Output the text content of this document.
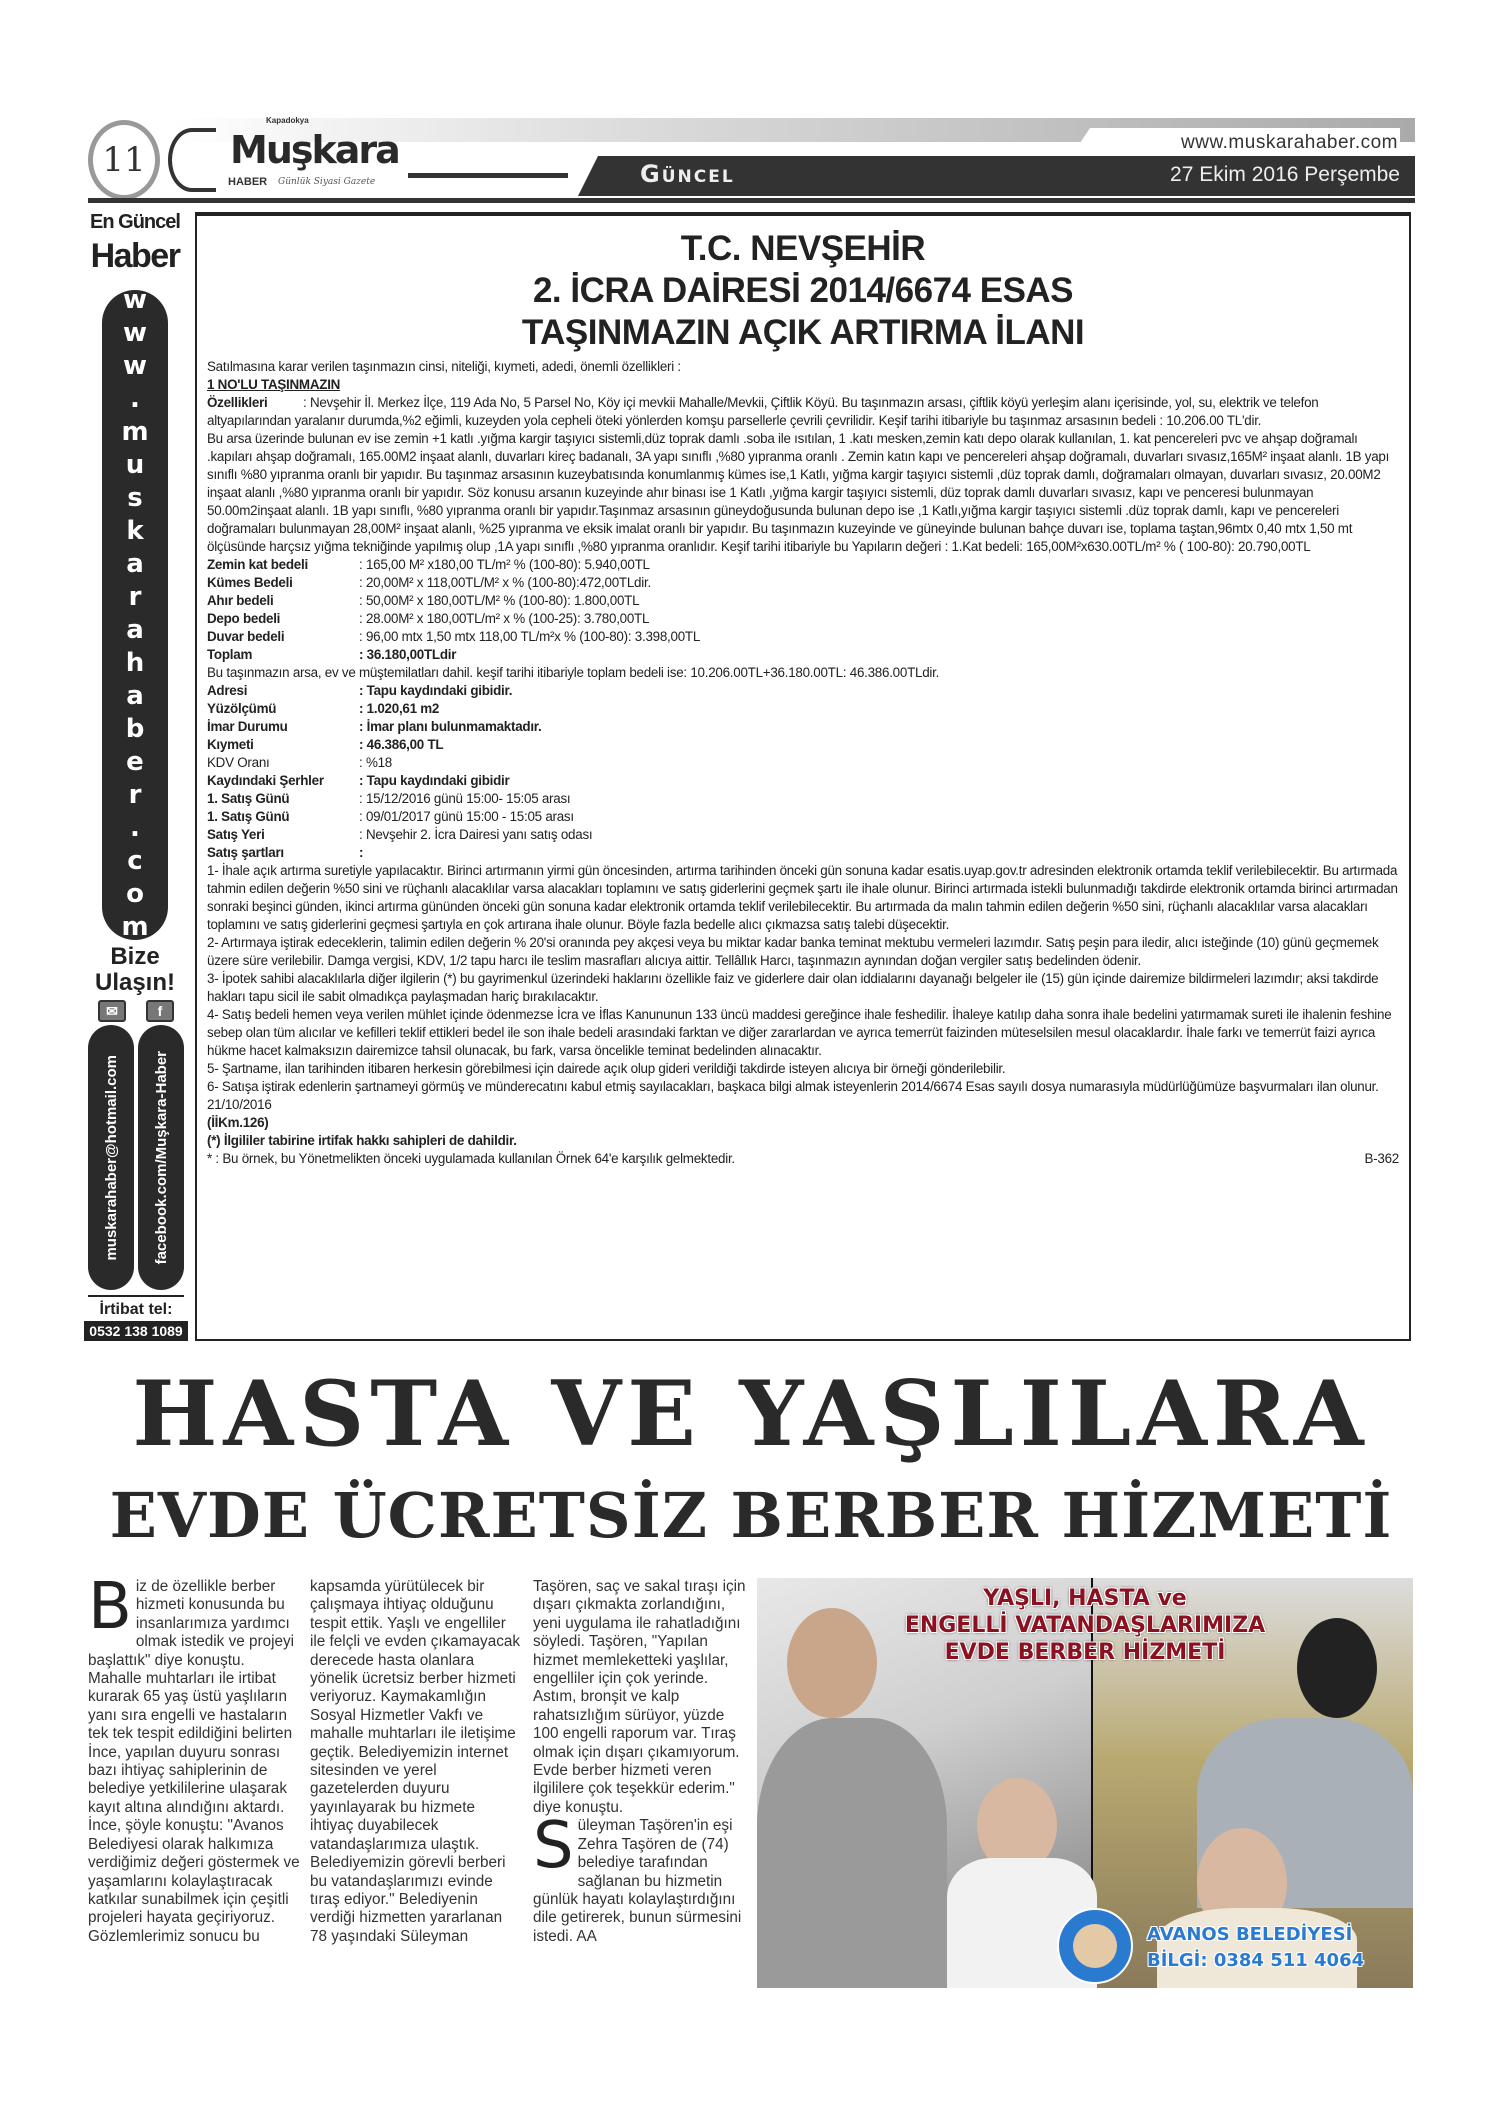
11
Kapadokya
Muşkara
HABER Günlük Siyasi Gazete
www.muskarahaber.com
Güncel	27 Ekim 2016 Perşembe
En Güncel
Haber
www.muskarahaber.com
Bize Ulaşın!
✉	f
muskarahaber@hotmail.com facebook.com/Muşkara-Haber
İrtibat tel:
0532 138 1089
T.C. NEVŞEHİR
2. İCRA DAİRESİ 2014/6674 ESAS
TAŞINMAZIN AÇIK ARTIRMA İLANI

Satılmasına karar verilen taşınmazın cinsi, niteliği, kıymeti, adedi, önemli özellikleri :

1 NO'LU TAŞINMAZIN

Özellikleri	: Nevşehir İl. Merkez İlçe, 119 Ada No, 5 Parsel No, Köy içi mevkii Mahalle/Mevkii, Çiftlik Köyü. Bu taşınmazın arsası, çiftlik köyü yerleşim alanı içerisinde, yol, su, elektrik ve telefon altyapılarından yaralanır durumda,%2 eğimli, kuzeyden yola cepheli öteki yönlerden komşu parsellerle çevrili çevrilidir. Keşif tarihi itibariyle bu taşınmaz arsasının bedeli : 10.206.00 TL'dir.

Bu arsa üzerinde bulunan ev ise zemin +1 katlı .yığma kargir taşıyıcı sistemli,düz toprak damlı .soba ile ısıtılan, 1 .katı mesken,zemin katı depo olarak kullanılan, 1. kat pencereleri pvc ve ahşap doğramalı .kapıları ahşap doğramalı, 165.00M2 inşaat alanlı, duvarları kireç badanalı, 3A yapı sınıflı ,%80 yıpranma oranlı . Zemin katın kapı ve pencereleri ahşap doğramalı, duvarları sıvasız,165M² inşaat alanlı. 1B yapı sınıflı %80 yıpranma oranlı bir yapıdır. Bu taşınmaz arsasının kuzeybatısında konumlanmış kümes ise,1 Katlı, yığma kargir taşıyıcı sistemli ,düz toprak damlı, doğramaları olmayan, duvarları sıvasız, 20.00M2 inşaat alanlı ,%80 yıpranma oranlı bir yapıdır. Söz konusu arsanın kuzeyinde ahır binası ise 1 Katlı ,yığma kargir taşıyıcı sistemli, düz toprak damlı duvarları sıvasız, kapı ve penceresi bulunmayan 50.00m2inşaat alanlı. 1B yapı sınıflı, %80 yıpranma oranlı bir yapıdır.Taşınmaz arsasının güneydoğusunda bulunan depo ise ,1 Katlı,yığma kargir taşıyıcı sistemli .düz toprak damlı, kapı ve pencereleri doğramaları bulunmayan 28,00M² inşaat alanlı, %25 yıpranma ve eksik imalat oranlı bir yapıdır. Bu taşınmazın kuzeyinde ve güneyinde bulunan bahçe duvarı ise, toplama taştan,96mtx 0,40 mtx 1,50 mt ölçüsünde harçsız yığma tekniğinde yapılmış olup ,1A yapı sınıflı ,%80 yıpranma oranlıdır. Keşif tarihi itibariyle bu Yapıların değeri : 1.Kat bedeli: 165,00M²x630.00TL/m² % ( 100-80): 20.790,00TL

Zemin kat bedeli	: 165,00 M² x180,00 TL/m² % (100-80): 5.940,00TL
Kümes Bedeli	: 20,00M² x 118,00TL/M² x % (100-80):472,00TLdir.
Ahır bedeli	: 50,00M² x 180,00TL/M² % (100-80): 1.800,00TL
Depo bedeli	: 28.00M² x 180,00TL/m² x % (100-25): 3.780,00TL
Duvar bedeli	: 96,00 mtx 1,50 mtx 118,00 TL/m²x % (100-80): 3.398,00TL
Toplam	: 36.180,00TLdir

Bu taşınmazın arsa, ev ve müştemilatları dahil. keşif tarihi itibariyle toplam bedeli ise: 10.206.00TL+36.180.00TL: 46.386.00TLdir.

Adresi	: Tapu kaydındaki gibidir.
Yüzölçümü	: 1.020,61 m2
İmar Durumu	: İmar planı bulunmamaktadır.
Kıymeti	: 46.386,00 TL
KDV Oranı	: %18
Kaydındaki Şerhler	: Tapu kaydındaki gibidir
1. Satış Günü	: 15/12/2016 günü 15:00- 15:05 arası
1. Satış Günü	: 09/01/2017 günü 15:00 - 15:05 arası
Satış Yeri	: Nevşehir 2. İcra Dairesi yanı satış odası
Satış şartları	:

1- İhale açık artırma suretiyle yapılacaktır. Birinci artırmanın yirmi gün öncesinden, artırma tarihinden önceki gün sonuna kadar esatis.uyap.gov.tr adresinden elektronik ortamda teklif verilebilecektir. Bu artırmada tahmin edilen değerin %50 sini ve rüçhanlı alacaklılar varsa alacakları toplamını ve satış giderlerini geçmek şartı ile ihale olunur. Birinci artırmada istekli bulunmadığı takdirde elektronik ortamda birinci artırmadan sonraki beşinci günden, ikinci artırma gününden önceki gün sonuna kadar elektronik ortamda teklif verilebilecektir. Bu artırmada da malın tahmin edilen değerin %50 sini, rüçhanlı alacaklılar varsa alacakları toplamını ve satış giderlerini geçmesi şartıyla en çok artırana ihale olunur. Böyle fazla bedelle alıcı çıkmazsa satış talebi düşecektir.

2- Artırmaya iştirak edeceklerin, talimin edilen değerin % 20'si oranında pey akçesi veya bu miktar kadar banka teminat mektubu vermeleri lazımdır. Satış peşin para iledir, alıcı isteğinde (10) günü geçmemek üzere süre verilebilir. Damga vergisi, KDV, 1/2 tapu harcı ile teslim masrafları alıcıya aittir. Tellâllık Harcı, taşınmazın aynından doğan vergiler satış bedelinden ödenir.

3- İpotek sahibi alacaklılarla diğer ilgilerin (*) bu gayrimenkul üzerindeki haklarını özellikle faiz ve giderlere dair olan iddialarını dayanağı belgeler ile (15) gün içinde dairemize bildirmeleri lazımdır; aksi takdirde hakları tapu sicil ile sabit olmadıkça paylaşmadan hariç bırakılacaktır.

4- Satış bedeli hemen veya verilen mühlet içinde ödenmezse İcra ve İflas Kanununun 133 üncü maddesi gereğince ihale feshedilir. İhaleye katılıp daha sonra ihale bedelini yatırmamak sureti ile ihalenin feshine sebep olan tüm alıcılar ve kefilleri teklif ettikleri bedel ile son ihale bedeli arasındaki farktan ve diğer zararlardan ve ayrıca temerrüt faizinden müteselsilen mesul olacaklardır. İhale farkı ve temerrüt faizi ayrıca hükme hacet kalmaksızın dairemizce tahsil olunacak, bu fark, varsa öncelikle teminat bedelinden alınacaktır.

5- Şartname, ilan tarihinden itibaren herkesin görebilmesi için dairede açık olup gideri verildiği takdirde isteyen alıcıya bir örneği gönderilebilir.

6- Satışa iştirak edenlerin şartnameyi görmüş ve münderecatını kabul etmiş sayılacakları, başkaca bilgi almak isteyenlerin 2014/6674 Esas sayılı dosya numarasıyla müdürlüğümüze başvurmaları ilan olunur. 21/10/2016

(İİKm.126)

(*) İlgililer tabirine irtifak hakkı sahipleri de dahildir.

* : Bu örnek, bu Yönetmelikten önceki uygulamada kullanılan Örnek 64'e karşılık gelmektedir.	B-362
HASTA VE YAŞLILARA
EVDE ÜCRETSİZ BERBER HİZMETİ

Biz de özellikle berber hizmeti konusunda bu insanlarımıza yardımcı olmak istedik ve projeyi başlattık" diye konuştu. Mahalle muhtarları ile irtibat kurarak 65 yaş üstü yaşlıların yanı sıra engelli ve hastaların tek tek tespit edildiğini belirten İnce, yapılan duyuru sonrası bazı ihtiyaç sahiplerinin de belediye yetkililerine ulaşarak kayıt altına alındığını aktardı. İnce, şöyle konuştu: "Avanos Belediyesi olarak halkımıza verdiğimiz değeri göstermek ve yaşamlarını kolaylaştıracak katkılar sunabilmek için çeşitli projeleri hayata geçiriyoruz. Gözlemlerimiz sonucu bu

kapsamda yürütülecek bir çalışmaya ihtiyaç olduğunu tespit ettik. Yaşlı ve engelliler ile felçli ve evden çıkamayacak derecede hasta olanlara yönelik ücretsiz berber hizmeti veriyoruz. Kaymakamlığın Sosyal Hizmetler Vakfı ve mahalle muhtarları ile iletişime geçtik. Belediyemizin internet sitesinden ve yerel gazetelerden duyuru yayınlayarak bu hizmete ihtiyaç duyabilecek vatandaşlarımıza ulaştık. Belediyemizin görevli berberi bu vatandaşlarımızı evinde tıraş ediyor." Belediyenin verdiği hizmetten yararlanan 78 yaşındaki Süleyman

Taşören, saç ve sakal tıraşı için dışarı çıkmakta zorlandığını, yeni uygulama ile rahatladığını söyledi. Taşören, "Yapılan hizmet memleketteki yaşlılar, engelliler için çok yerinde. Astım, bronşit ve kalp rahatsızlığım sürüyor, yüzde 100 engelli raporum var. Tıraş olmak için dışarı çıkamıyorum. Evde berber hizmeti veren ilgililere çok teşekkür ederim." diye konuştu.

Süleyman Taşören'in eşi Zehra Taşören de (74) belediye tarafından sağlanan bu hizmetin günlük hayatı kolaylaştırdığını dile getirerek, bunun sürmesini istedi. AA

YAŞLI, HASTA ve
ENGELLİ VATANDAŞLARIMIZA
EVDE BERBER HİZMETİ
AVANOS BELEDİYESİ
BİLGİ: 0384 511 4064
